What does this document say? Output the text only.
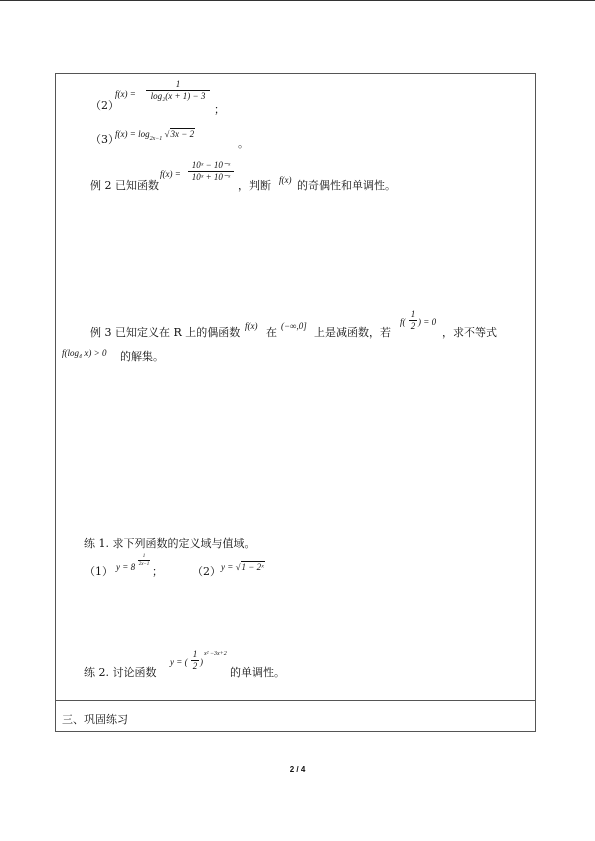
（2）
f(x) =
1
log₂(x + 1) − 3
；
（3）
$f(x) = \log_{2x-1} √3x - 2$
。
例 2 已知函数
f(x) =
10ˣ − 10⁻ˣ
10ˣ + 10⁻ˣ
，判断 f(x) 的奇偶性和单调性。
例 3 已知定义在 R 上的偶函数 f(x) 在 (−∞,0] 上是减函数，若
f(
1
2 ) = 0
，求不等式
f(log₄ x) > 0 的解集。
练 1. 求下列函数的定义域与值域。
（1） y = 8
1
2x−1
；	（2） y = √1 − 2ˣ
练 2. 讨论函数
y = (
1
2 )
x² −3x+2
的单调性。
三、巩固练习
2 / 4
